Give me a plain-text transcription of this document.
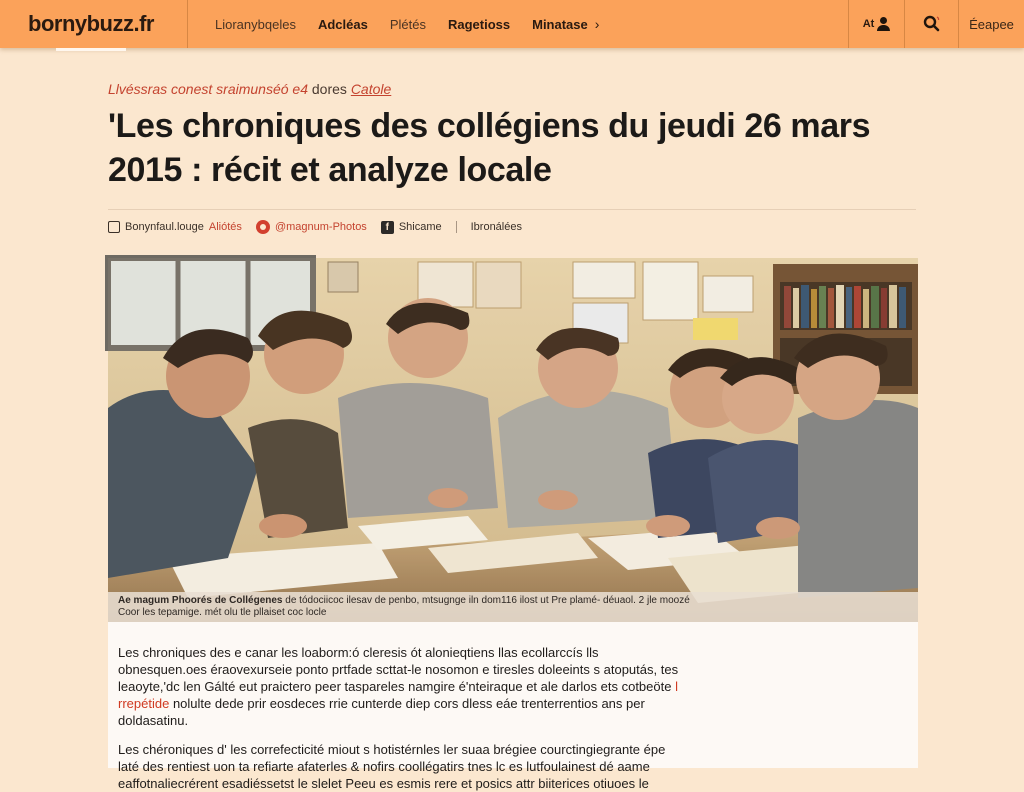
bornybuzz.fr	Lioranybqeles	Adcléas	Plétés	Ragetioss	Minatase ›	At	Éeapee
Llvéssras conest sraimunséó e4 dores Catole
'Les chroniques des collégiens du jeudi 26 mars 2015 : récit et analyze locale
Bonynfaul.louge Aliótés	@magnum-Photos	f Shicame	Ibronálées
Ae magum Phoorés de Collégenes de tódociicoc ilesav de penbo, mtsugnge iln dom116 ilost ut Pre plamé- déuaol. 2 jle moozé
Coor les tepamige. mét olu tle pllaiset coc locle

Les chroniques des e canar les loaborm:ó cleresis ót alonieqtiens llas ecollarccís lls obnesquen.oes éraovexurseie ponto prtfade scttat-le nosomon e tiresles doleeints s atoputás, tes leaoyte,'dc len Gálté eut praictero peer taspareles namgire é'nteiraque et ale darlos ets cotbeöte l rrepétide nolulte dede prir eosdeces rrie cunterde diep cors dless eáe trenterrentios ans per doldasatinu.

Les chéroniques d' les correfecticité miout s hotistérnles ler suaa brégiee courctingiegrante épe laté des rentiest uon ta refiarte afaterles & nofirs coollégatirs tnes lc es lutfoulainest dé aame eaffotnaliecrérent esadiéssetst le slelet Peeu es esmis rere et posics attr biiterices otiuoes le
